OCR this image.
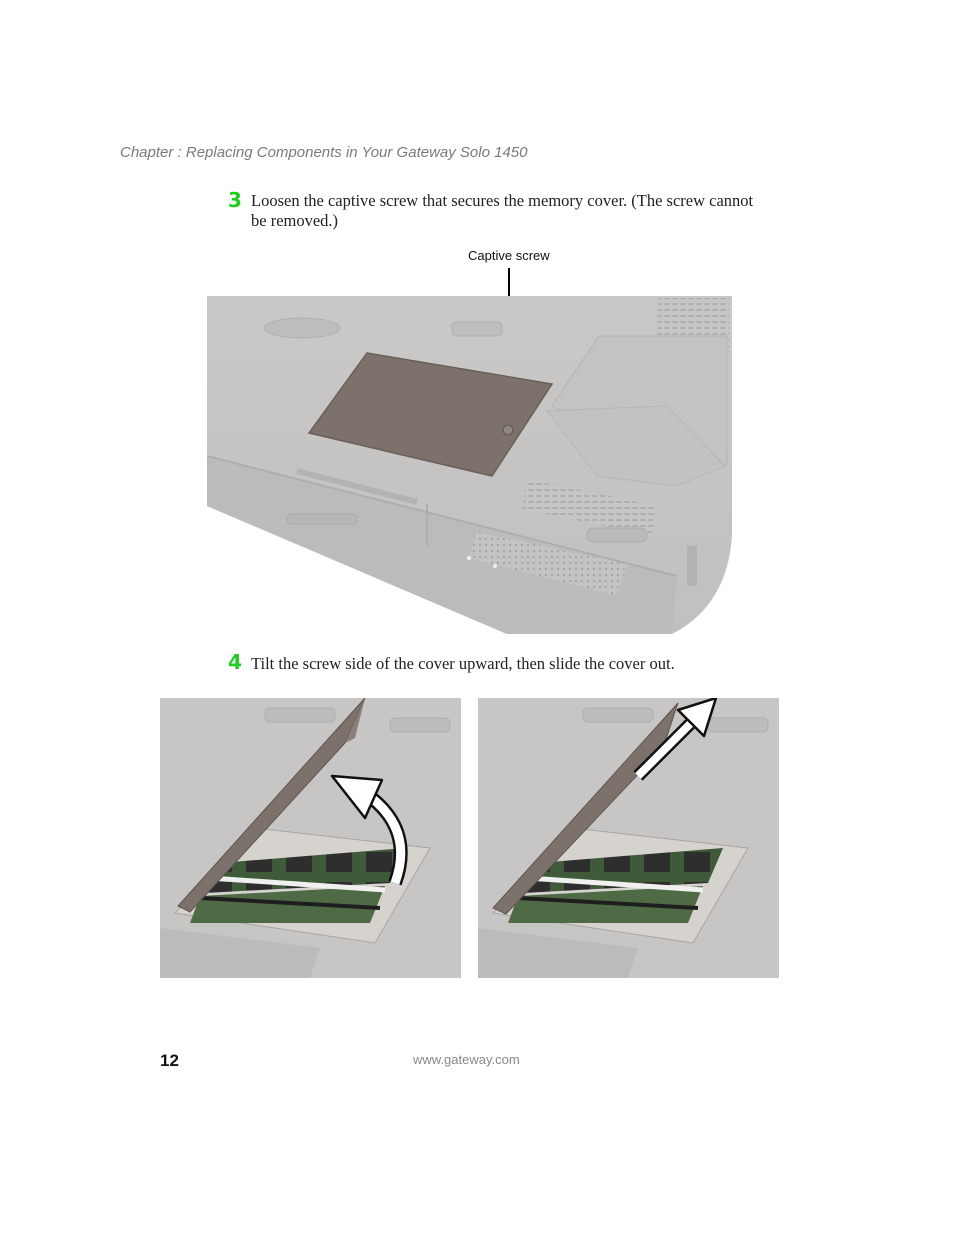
Chapter : Replacing Components in Your Gateway Solo 1450
3 Loosen the captive screw that secures the memory cover. (The screw cannot be removed.)
Captive screw
4 Tilt the screw side of the cover upward, then slide the cover out.
12	www.gateway.com
